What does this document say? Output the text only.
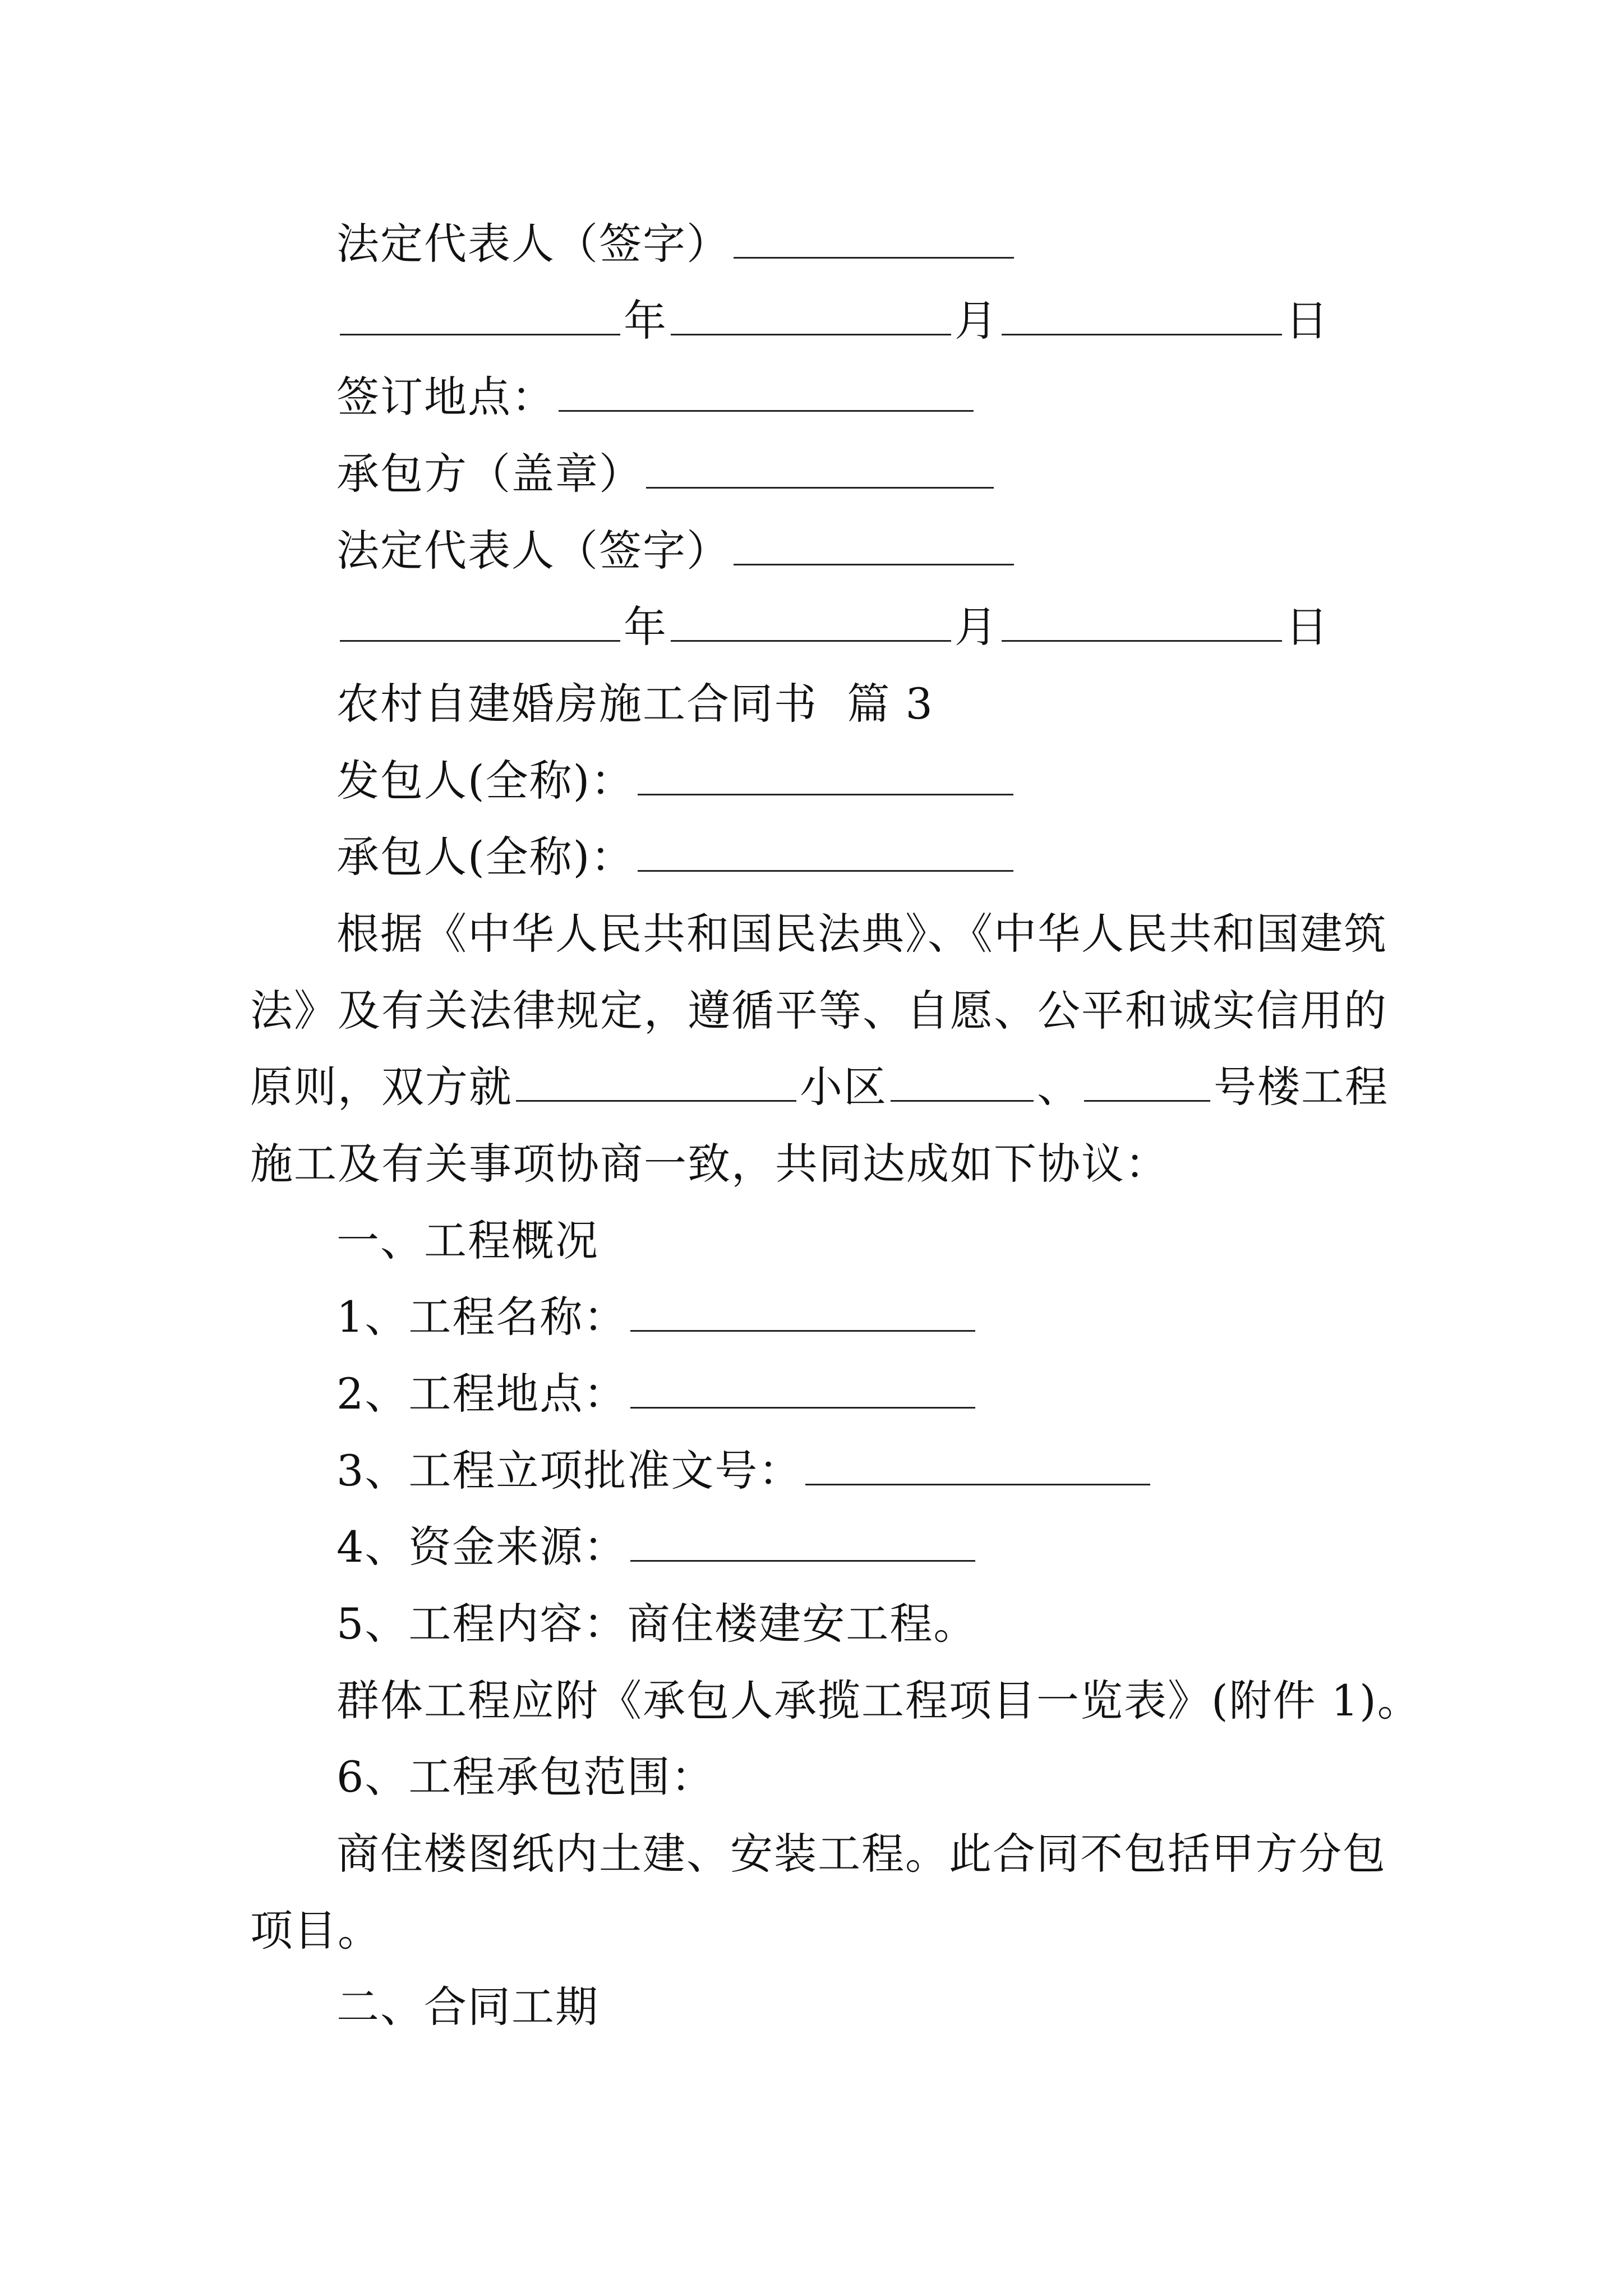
法定代表人（签字）
年	月	日
签订地点：
承包方（盖章）
法定代表人（签字）
年	月	日
农村自建婚房施工合同书  篇 3
发包人(全称)：
承包人(全称)：
根据《中华人民共和国民法典》、《中华人民共和国建筑
法》及有关法律规定，遵循平等、自愿、公平和诚实信用的
原则，双方就	小区	、	号楼工程
施工及有关事项协商一致，共同达成如下协议：
一、工程概况
1、工程名称：
2、工程地点：
3、工程立项批准文号：
4、资金来源：
5、工程内容：商住楼建安工程。
群体工程应附《承包人承揽工程项目一览表》(附件 1)。
6、工程承包范围：
商住楼图纸内土建、安装工程。此合同不包括甲方分包
项目。
二、合同工期
